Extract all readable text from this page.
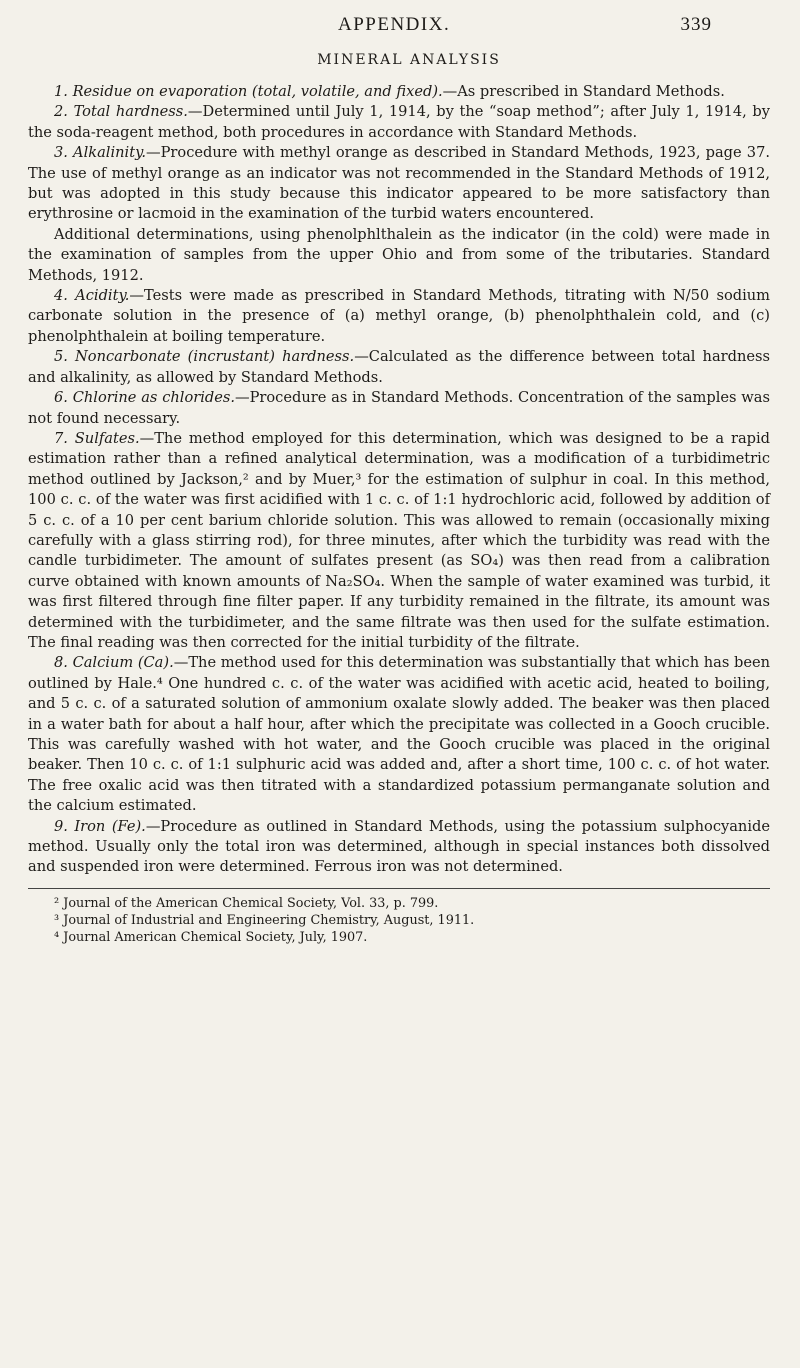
APPENDIX.	339
MINERAL ANALYSIS

1. Residue on evaporation (total, volatile, and fixed).—As prescribed in Standard Methods.

2. Total hardness.—Determined until July 1, 1914, by the “soap method”; after July 1, 1914, by the soda-reagent method, both procedures in accordance with Standard Methods.

3. Alkalinity.—Procedure with methyl orange as described in Standard Methods, 1923, page 37. The use of methyl orange as an indicator was not recommended in the Standard Methods of 1912, but was adopted in this study because this indicator appeared to be more satisfactory than erythrosine or lacmoid in the examination of the turbid waters encountered.

Additional determinations, using phenolphlthalein as the indicator (in the cold) were made in the examination of samples from the upper Ohio and from some of the tributaries. Standard Methods, 1912.

4. Acidity.—Tests were made as prescribed in Standard Methods, titrating with N/50 sodium carbonate solution in the presence of (a) methyl orange, (b) phenolphthalein cold, and (c) phenolphthalein at boiling temperature.

5. Noncarbonate (incrustant) hardness.—Calculated as the difference between total hardness and alkalinity, as allowed by Standard Methods.

6. Chlorine as chlorides.—Procedure as in Standard Methods. Concentration of the samples was not found necessary.

7. Sulfates.—The method employed for this determination, which was designed to be a rapid estimation rather than a refined analytical determination, was a modification of a turbidimetric method outlined by Jackson,² and by Muer,³ for the estimation of sulphur in coal. In this method, 100 c. c. of the water was first acidified with 1 c. c. of 1:1 hydrochloric acid, followed by addition of 5 c. c. of a 10 per cent barium chloride solution. This was allowed to remain (occasionally mixing carefully with a glass stirring rod), for three minutes, after which the turbidity was read with the candle turbidimeter. The amount of sulfates present (as SO₄) was then read from a calibration curve obtained with known amounts of Na₂SO₄. When the sample of water examined was turbid, it was first filtered through fine filter paper. If any turbidity remained in the filtrate, its amount was determined with the turbidimeter, and the same filtrate was then used for the sulfate estimation. The final reading was then corrected for the initial turbidity of the filtrate.

8. Calcium (Ca).—The method used for this determination was substantially that which has been outlined by Hale.⁴ One hundred c. c. of the water was acidified with acetic acid, heated to boiling, and 5 c. c. of a saturated solution of ammonium oxalate slowly added. The beaker was then placed in a water bath for about a half hour, after which the precipitate was collected in a Gooch crucible. This was carefully washed with hot water, and the Gooch crucible was placed in the original beaker. Then 10 c. c. of 1:1 sulphuric acid was added and, after a short time, 100 c. c. of hot water. The free oxalic acid was then titrated with a standardized potassium permanganate solution and the calcium estimated.

9. Iron (Fe).—Procedure as outlined in Standard Methods, using the potassium sulphocyanide method. Usually only the total iron was determined, although in special instances both dissolved and suspended iron were determined. Ferrous iron was not determined.

² Journal of the American Chemical Society, Vol. 33, p. 799.
³ Journal of Industrial and Engineering Chemistry, August, 1911.
⁴ Journal American Chemical Society, July, 1907.
